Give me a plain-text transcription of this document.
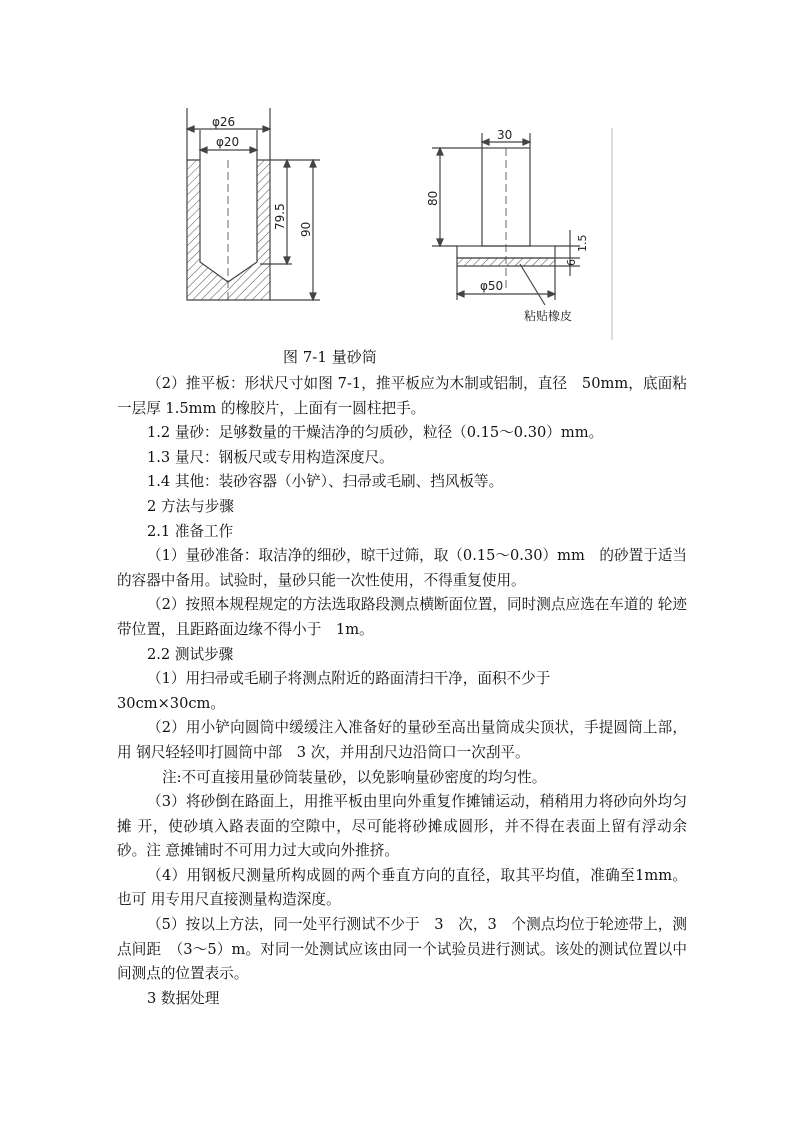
φ26
φ20
79.5 90
30
80
1.5
6
φ50
粘贴橡皮
图 7-1 量砂筒

（2）推平板：形状尺寸如图 7-1，推平板应为木制或铝制，直径　50mm，底面粘 一层厚 1.5mm 的橡胶片，上面有一圆柱把手。

1.2 量砂：足够数量的干燥洁净的匀质砂，粒径（0.15～0.30）mm。

1.3 量尺：钢板尺或专用构造深度尺。

1.4 其他：装砂容器（小铲）、扫帚或毛刷、挡风板等。

2 方法与步骤

2.1 准备工作

（1）量砂准备：取洁净的细砂，晾干过筛，取（0.15～0.30）mm　的砂置于适当的容器中备用。试验时，量砂只能一次性使用，不得重复使用。

（2）按照本规程规定的方法选取路段测点横断面位置，同时测点应选在车道的 轮迹带位置，且距路面边缘不得小于　1m。

2.2 测试步骤

（1）用扫帚或毛刷子将测点附近的路面清扫干净，面积不少于

30cm×30cm。

（2）用小铲向圆筒中缓缓注入准备好的量砂至高出量筒成尖顶状，手提圆筒上部，用 钢尺轻轻叩打圆筒中部　3 次，并用刮尺边沿筒口一次刮平。

注:不可直接用量砂筒装量砂，以免影响量砂密度的均匀性。

（3）将砂倒在路面上，用推平板由里向外重复作摊铺运动，稍稍用力将砂向外均匀摊 开，使砂填入路表面的空隙中，尽可能将砂摊成圆形，并不得在表面上留有浮动余砂。注 意摊铺时不可用力过大或向外推挤。

（4）用钢板尺测量所构成圆的两个垂直方向的直径，取其平均值，准确至1mm。也可 用专用尺直接测量构造深度。

（5）按以上方法，同一处平行测试不少于　3　次，3　个测点均位于轮迹带上，测点间距　（3～5）m。对同一处测试应该由同一个试验员进行测试。该处的测试位置以中间测点的位置表示。

3 数据处理
